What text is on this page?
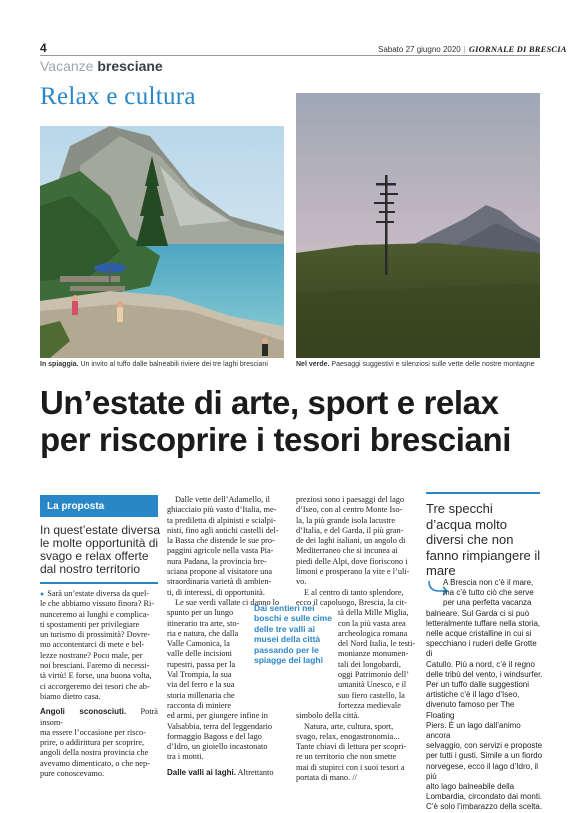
4	Sabato 27 giugno 2020 | GIORNALE DI BRESCIA
Vacanze bresciane
Relax e cultura
In spiaggia. Un invito al tuffo dalle balneabili riviere dei tre laghi bresciani	Nel verde. Paesaggi suggestivi e silenziosi sulle vette delle nostre montagne
Un’estate di arte, sport e relax
per riscoprire i tesori bresciani
La proposta
In quest’estate diversa le molte opportunità di svago e relax offerte dal nostro territorio
● Sarà un’estate diversa da quel-
le che abbiamo vissuto finora? Ri-
nunceremo ai lunghi e complica-
ti spostamenti per privilegiare
un turismo di prossimità? Dovre-
mo accontentarci di mete e bel-
lezze nostrane? Poco male, per
noi bresciani. Faremo di necessi-
tà virtù! E forse, una buona volta,
ci accorgeremo dei tesori che ab-
biamo dietro casa.
Angoli sconosciuti. Potrà insom-
ma essere l’occasione per risco-
prire, o addirittura per scoprire,
angoli della nostra provincia che
avevamo dimenticato, o che nep-
pure conoscevamo.
Dalle vette dell’Adamello, il
ghiacciaio più vasto d’Italia, me-
ta prediletta di alpinisti e scialpi-
nisti, fino agli antichi castelli del-
la Bassa che distende le sue pro-
paggini agricole nella vasta Pia-
nura Padana, la provincia bre-
sciana propone al visitatore una
straordinaria varietà di ambien-
ti, di interessi, di opportunità.
Le sue verdi vallate ci danno lo
spunto per un lungo
itinerario tra arte, sto-
ria e natura, che dalla
Valle Camonica, la
valle delle incisioni
rupestri, passa per la
Val Trompia, la sua
via del ferro e la sua
storia millenaria che
racconta di miniere
ed armi, per giungere infine in
Valsabbia, terra del leggendario
formaggio Bagoss e del lago
d’Idro, un gioiello incastonato
tra i monti.
Dalle valli ai laghi. Altrettanto
Dai sentieri nei boschi e sulle cime delle tre valli ai musei della città passando per le spiagge dei laghi
preziosi sono i paesaggi del lago
d’Iseo, con al centro Monte Iso-
la, la più grande isola lacustre
d’Italia, e del Garda, il più gran-
de dei laghi italiani, un angolo di
Mediterraneo che si incunea ai
piedi delle Alpi, dove fioriscono i
limoni e prosperano la vite e l’uli-
vo.
E al centro di tanto splendore,
ecco il capoluogo, Brescia, la cit-
tà della Mille Miglia,
con la più vasta area
archeologica romana
del Nord Italia, le testi-
monianze monumen-
tali dei longobardi,
oggi Patrimonio dell’
umanità Unesco, e il
suo fiero castello, la
fortezza medievale
simbolo della città.
Natura, arte, cultura, sport,
svago, relax, enogastronomia...
Tante chiavi di lettura per scopri-
re un territorio che non smette
mai di stupirci con i suoi tesori a
portata di mano. //
Tre specchi d’acqua molto diversi che non fanno rimpiangere il mare
A Brescia non c’è il mare,
ma c’è tutto ciò che serve
per una perfetta vacanza
balneare. Sul Garda ci si può
letteralmente tuffare nella storia,
nelle acque cristalline in cui si
specchiano i ruderi delle Grotte di
Catullo. Più a nord, c’è il regno
delle tribù del vento, i windsurfer.
Per un tuffo dalle suggestioni
artistiche c’è il lago d’Iseo,
divenuto famoso per The Floating
Piers. È un lago dall’animo ancora
selvaggio, con servizi e proposte
per tutti i gusti. Simile a un fiordo
norvegese, ecco il lago d’Idro, il più
alto lago balneabile della
Lombardia, circondato dai monti.
C’è solo l’imbarazzo della scelta.
